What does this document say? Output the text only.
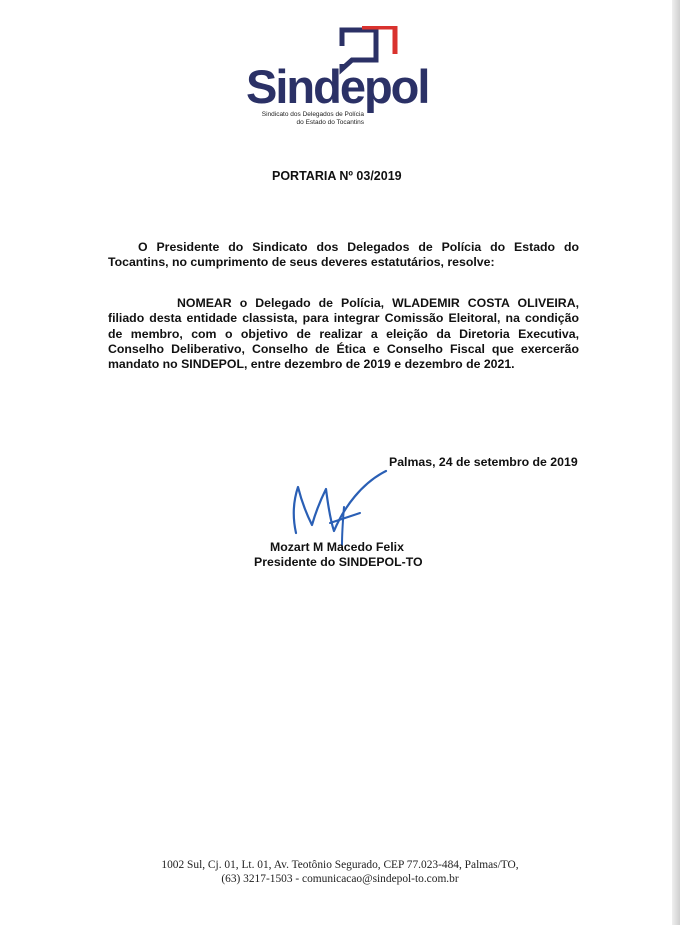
Sindepol
Sindicato dos Delegados de Polícia
do Estado do Tocantins
PORTARIA Nº 03/2019
O Presidente do Sindicato dos Delegados de Polícia do Estado do Tocantins, no cumprimento de seus deveres estatutários, resolve:
NOMEAR o Delegado de Polícia, WLADEMIR COSTA OLIVEIRA, filiado desta entidade classista, para integrar Comissão Eleitoral, na condição de membro, com o objetivo de realizar a eleição da Diretoria Executiva, Conselho Deliberativo, Conselho de Ética e Conselho Fiscal que exercerão mandato no SINDEPOL, entre dezembro de 2019 e dezembro de 2021.
Palmas, 24 de setembro de 2019
Mozart M Macedo Felix
Presidente do SINDEPOL-TO
1002 Sul, Cj. 01, Lt. 01, Av. Teotônio Segurado, CEP 77.023-484, Palmas/TO,
(63) 3217-1503 - comunicacao@sindepol-to.com.br
